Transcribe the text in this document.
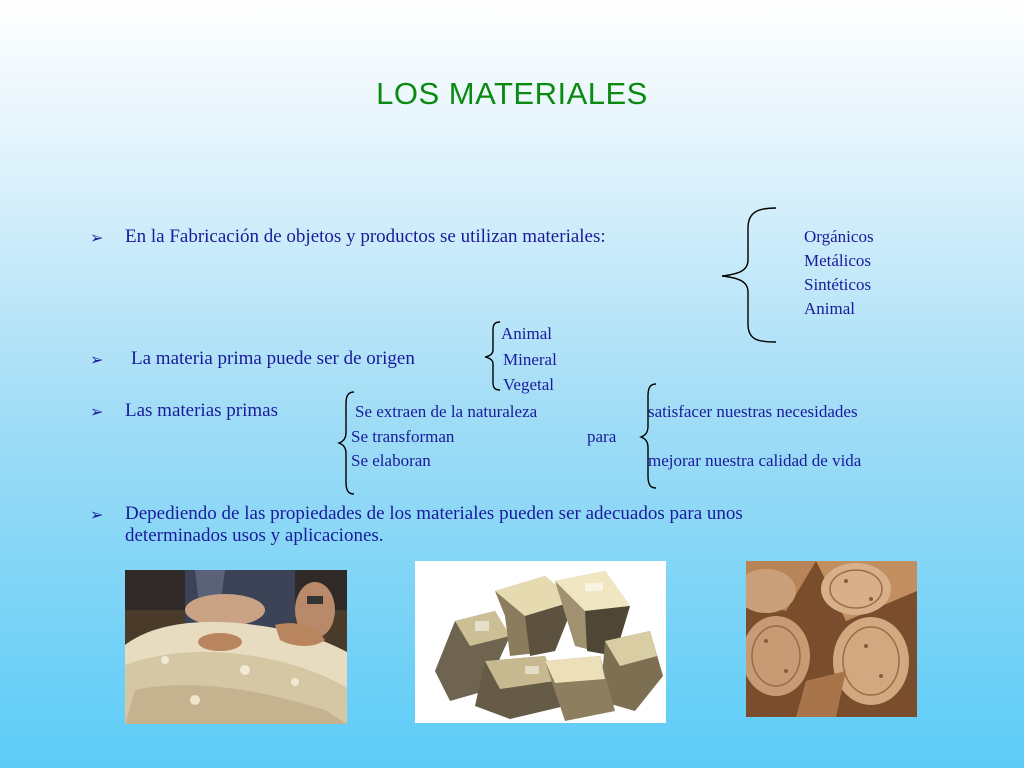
LOS MATERIALES
➢ En la Fabricación de objetos y productos se utilizan materiales:	Orgánicos
Metálicos
Sintéticos
Animal
➢ La materia prima puede ser de origen
Animal
Mineral
Vegetal
➢ Las materias primas	Se extraen de la naturaleza
Se transforman
Se elaboran
para
satisfacer nuestras necesidades
mejorar nuestra calidad de vida
➢ Depediendo de las propiedades de los materiales pueden ser adecuados para unos
determinados usos y aplicaciones.
